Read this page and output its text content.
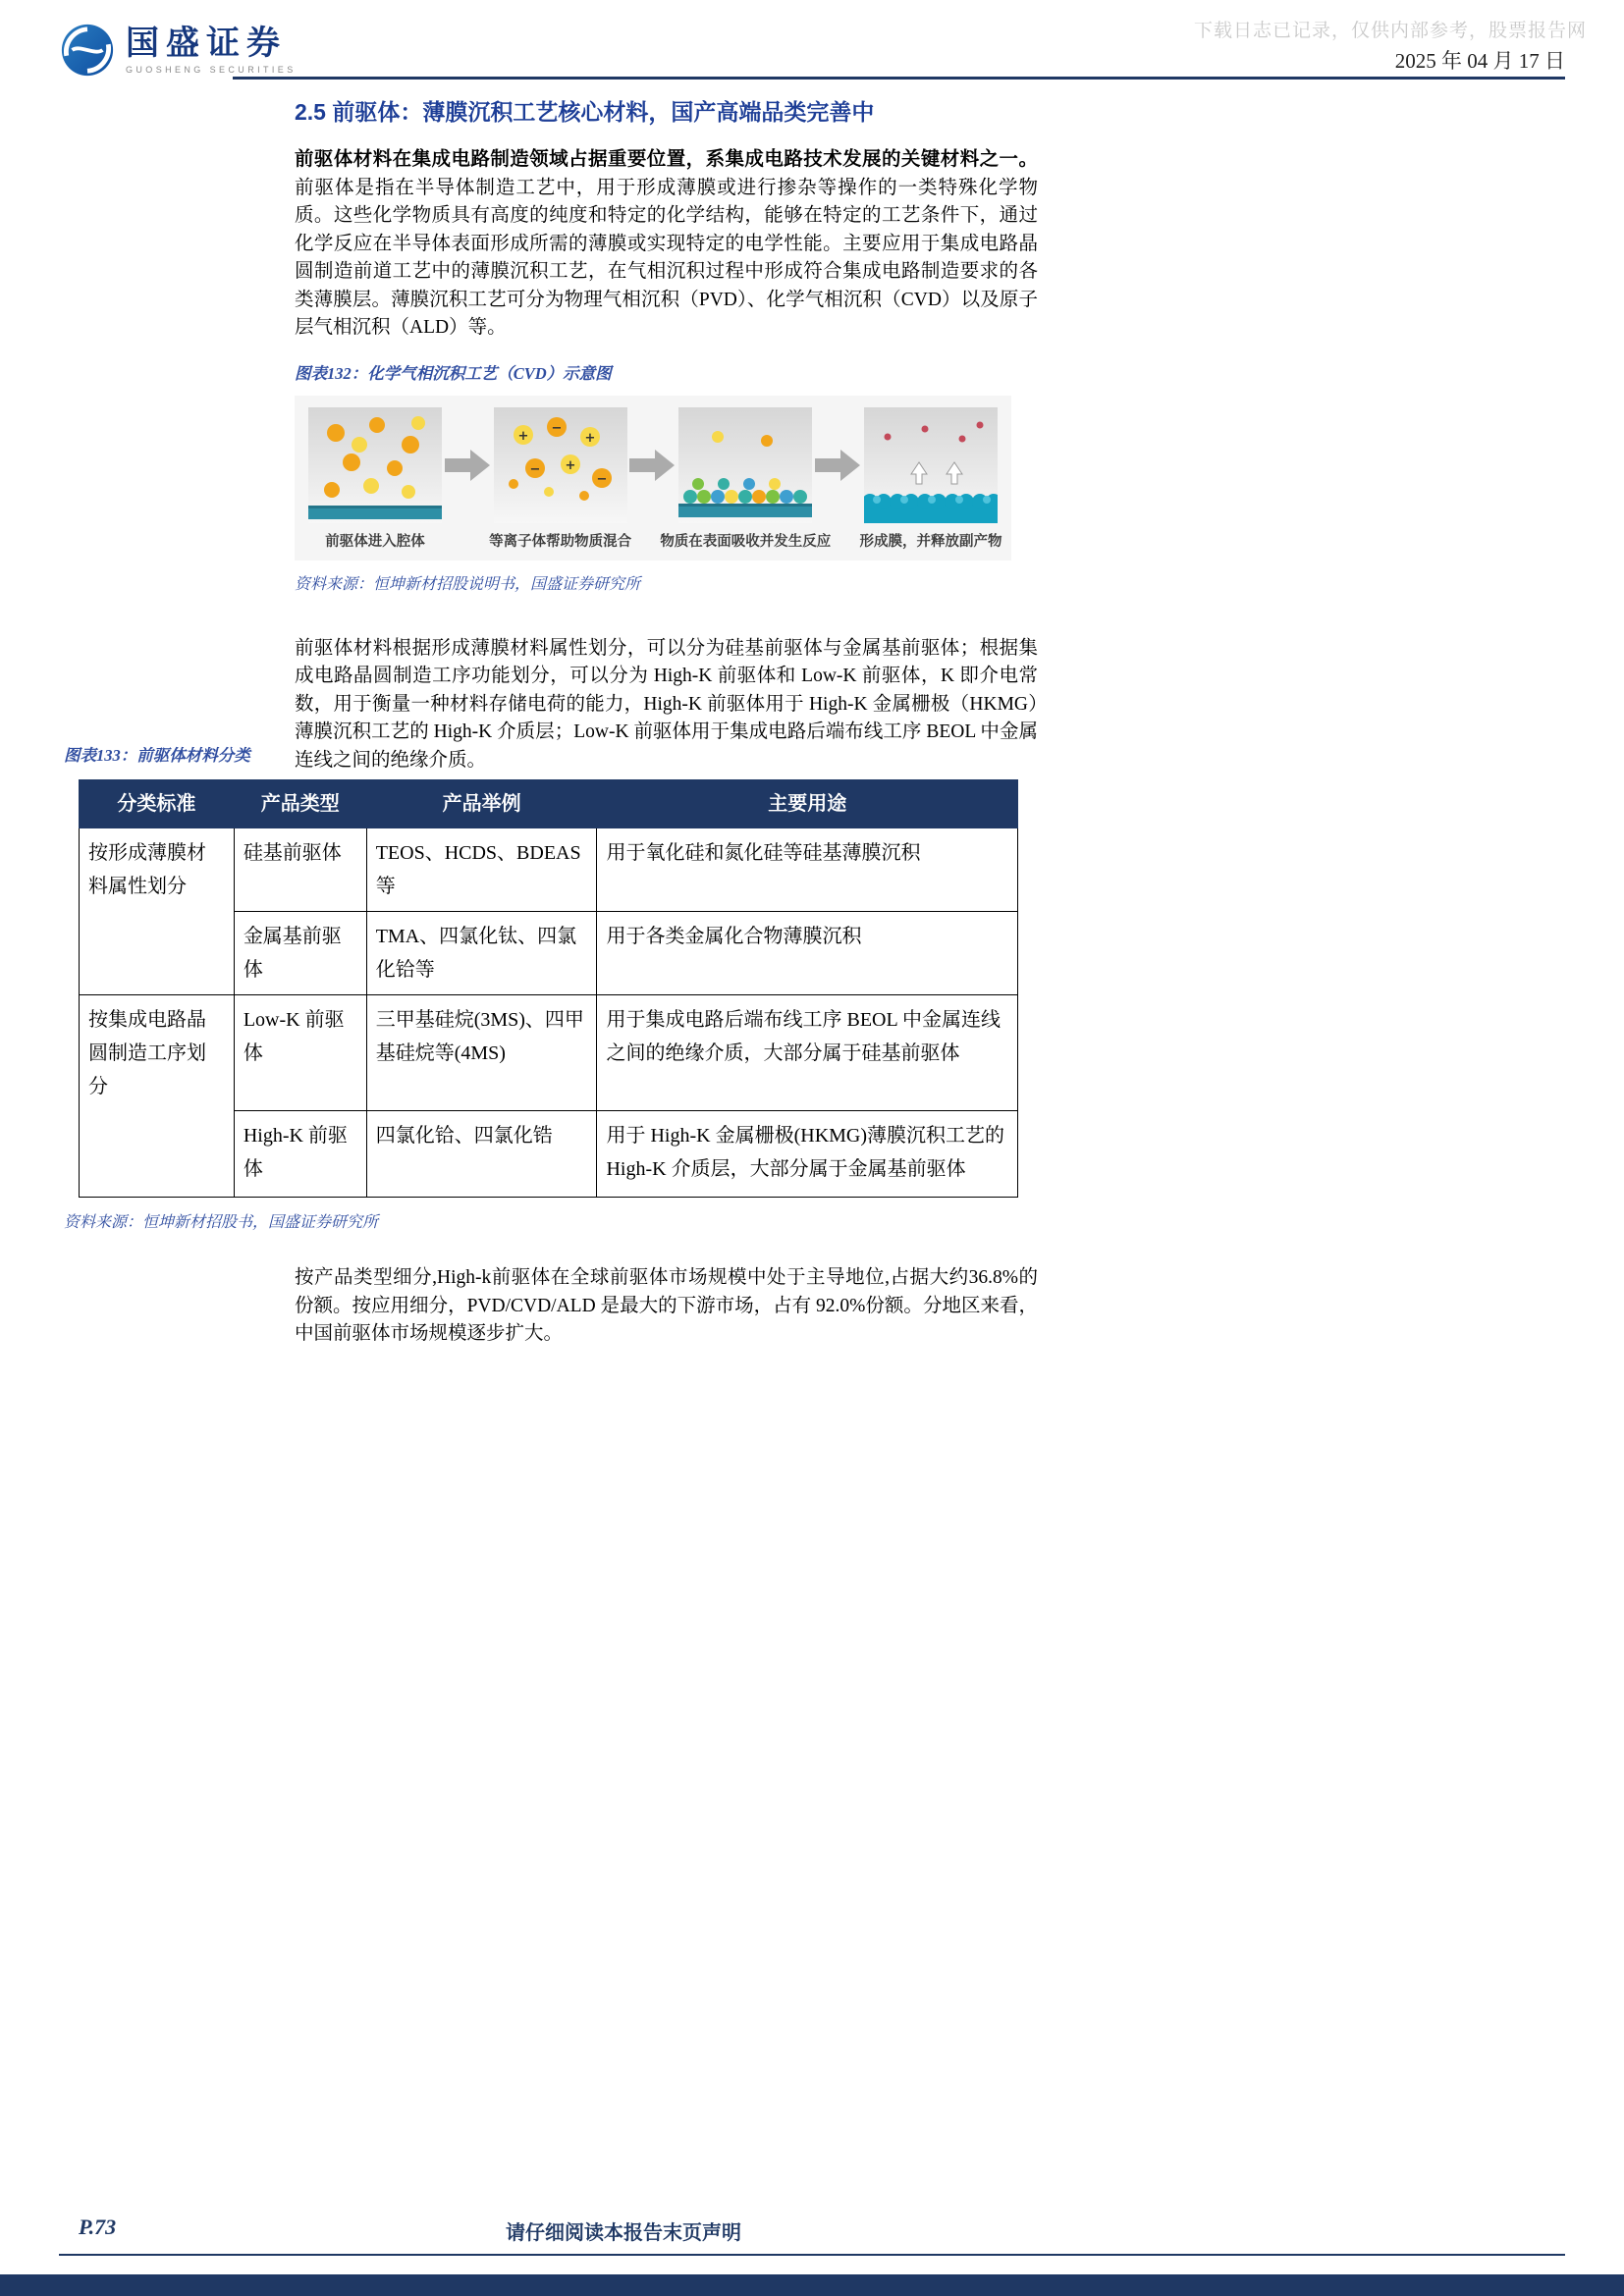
下载日志已记录，仅供内部参考，股票报告网
国盛证券
GUOSHENG SECURITIES	2025 年 04 月 17 日
2.5 前驱体：薄膜沉积工艺核心材料，国产高端品类完善中

前驱体材料在集成电路制造领域占据重要位置，系集成电路技术发展的关键材料之一。前驱体是指在半导体制造工艺中，用于形成薄膜或进行掺杂等操作的一类特殊化学物质。这些化学物质具有高度的纯度和特定的化学结构，能够在特定的工艺条件下，通过化学反应在半导体表面形成所需的薄膜或实现特定的电学性能。主要应用于集成电路晶圆制造前道工艺中的薄膜沉积工艺，在气相沉积过程中形成符合集成电路制造要求的各类薄膜层。薄膜沉积工艺可分为物理气相沉积（PVD）、化学气相沉积（CVD）以及原子层气相沉积（ALD）等。

图表132：化学气相沉积工艺（CVD）示意图
+
−
+
− +
−
前驱体进入腔体	等离子体帮助物质混合 物质在表面吸收并发生反应 形成膜，并释放副产物
资料来源：恒坤新材招股说明书，国盛证券研究所

前驱体材料根据形成薄膜材料属性划分，可以分为硅基前驱体与金属基前驱体；根据集成电路晶圆制造工序功能划分，可以分为 High-K 前驱体和 Low-K 前驱体，K 即介电常数，用于衡量一种材料存储电荷的能力，High-K 前驱体用于 High-K 金属栅极（HKMG）薄膜沉积工艺的 High-K 介质层；Low-K 前驱体用于集成电路后端布线工序 BEOL 中金属连线之间的绝缘介质。

图表133：前驱体材料分类
分类标准	产品类型	产品举例	主要用途
按形成薄膜材料属性划分	硅基前驱体	TEOS、HCDS、BDEAS 等	用于氧化硅和氮化硅等硅基薄膜沉积
	金属基前驱体	TMA、四氯化钛、四氯化铪等	用于各类金属化合物薄膜沉积
按集成电路晶圆制造工序划分	Low-K 前驱体	三甲基硅烷(3MS)、四甲基硅烷等(4MS)	用于集成电路后端布线工序 BEOL 中金属连线之间的绝缘介质，大部分属于硅基前驱体
	High-K 前驱体	四氯化铪、四氯化锆	用于 High-K 金属栅极(HKMG)薄膜沉积工艺的 High-K 介质层，大部分属于金属基前驱体
资料来源：恒坤新材招股书，国盛证券研究所

按产品类型细分,High-k前驱体在全球前驱体市场规模中处于主导地位,占据大约36.8%的份额。按应用细分，PVD/CVD/ALD 是最大的下游市场，占有 92.0%份额。分地区来看，中国前驱体市场规模逐步扩大。

P.73	请仔细阅读本报告末页声明
